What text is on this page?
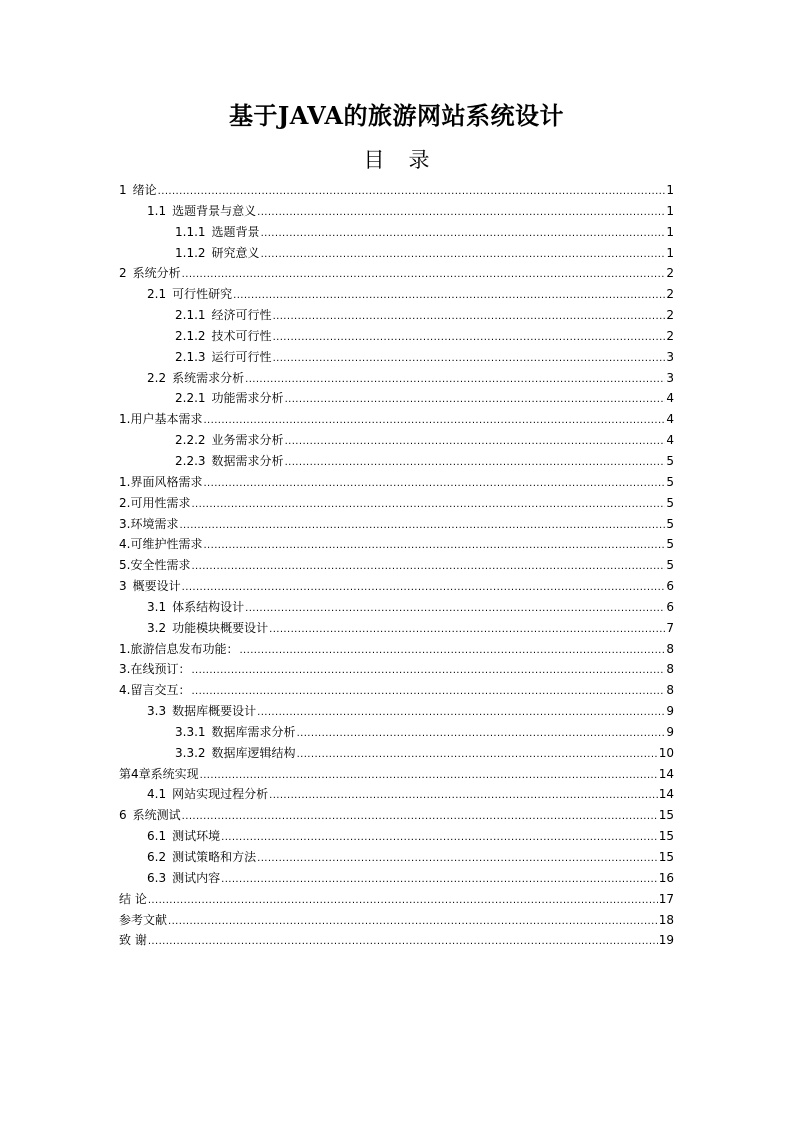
基于JAVA的旅游网站系统设计
目 录
1 绪论 .....	1
1.1 选题背景与意义 .....	1
1.1.1 选题背景 .....	1
1.1.2 研究意义 .....	1
2 系统分析 .....	2
2.1 可行性研究 .....	2
2.1.1 经济可行性 .....	2
2.1.2 技术可行性 .....	2
2.1.3 运行可行性 .....	3
2.2 系统需求分析 .....	3
2.2.1 功能需求分析 .....	4
1.用户基本需求 .....	4
2.2.2 业务需求分析 .....	4
2.2.3 数据需求分析 .....	5
1.界面风格需求 .....	5
2.可用性需求 .....	5
3.环境需求 .....	5
4.可维护性需求 .....	5
5.安全性需求 .....	5
3 概要设计 .....	6
3.1 体系结构设计 .....	6
3.2 功能模块概要设计 .....	7
1.旅游信息发布功能： .....	8
3.在线预订： .....	8
4.留言交互： .....	8
3.3 数据库概要设计 .....	9
3.3.1 数据库需求分析 .....	9
3.3.2 数据库逻辑结构 .....	10
第4章系统实现 .....	14
4.1 网站实现过程分析 .....	14
6 系统测试 .....	15
6.1 测试环境 .....	15
6.2 测试策略和方法 .....	15
6.3 测试内容 .....	16
结 论 .....	17
参考文献 .....	18
致 谢 .....	19
